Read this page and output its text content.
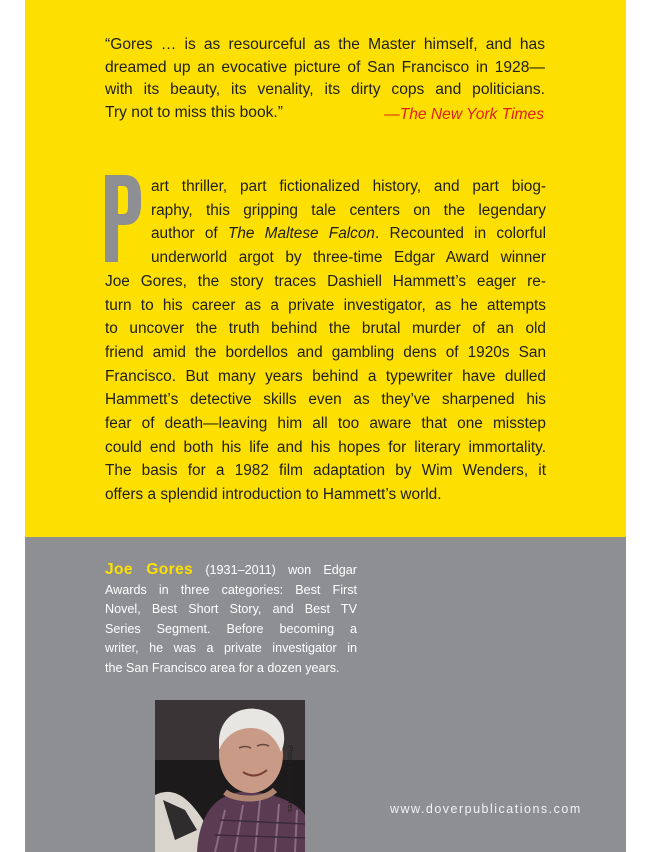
“Gores … is as resourceful as the Master himself, and has
dreamed up an evocative picture of San Francisco in 1928—
with its beauty, its venality, its dirty cops and politicians.
Try not to miss this book.”	—The New York Times
art thriller, part fictionalized history, and part biog-
raphy, this gripping tale centers on the legendary
author of The Maltese Falcon. Recounted in colorful
underworld argot by three-time Edgar Award winner
Joe Gores, the story traces Dashiell Hammett’s eager re-
turn to his career as a private investigator, as he attempts
to uncover the truth behind the brutal murder of an old
friend amid the bordellos and gambling dens of 1920s San
Francisco. But many years behind a typewriter have dulled
Hammett’s detective skills even as they’ve sharpened his
fear of death—leaving him all too aware that one misstep
could end both his life and his hopes for literary immortality.
The basis for a 1982 film adaptation by Wim Wenders, it
offers a splendid introduction to Hammett’s world.
Joe Gores (1931–2011) won Edgar
Awards in three categories: Best First
Novel, Best Short Story, and Best TV
Series Segment. Before becoming a
writer, he was a private investigator in
the San Francisco area for a dozen years.
Photo by Dori Gores	www.doverpublications.com
